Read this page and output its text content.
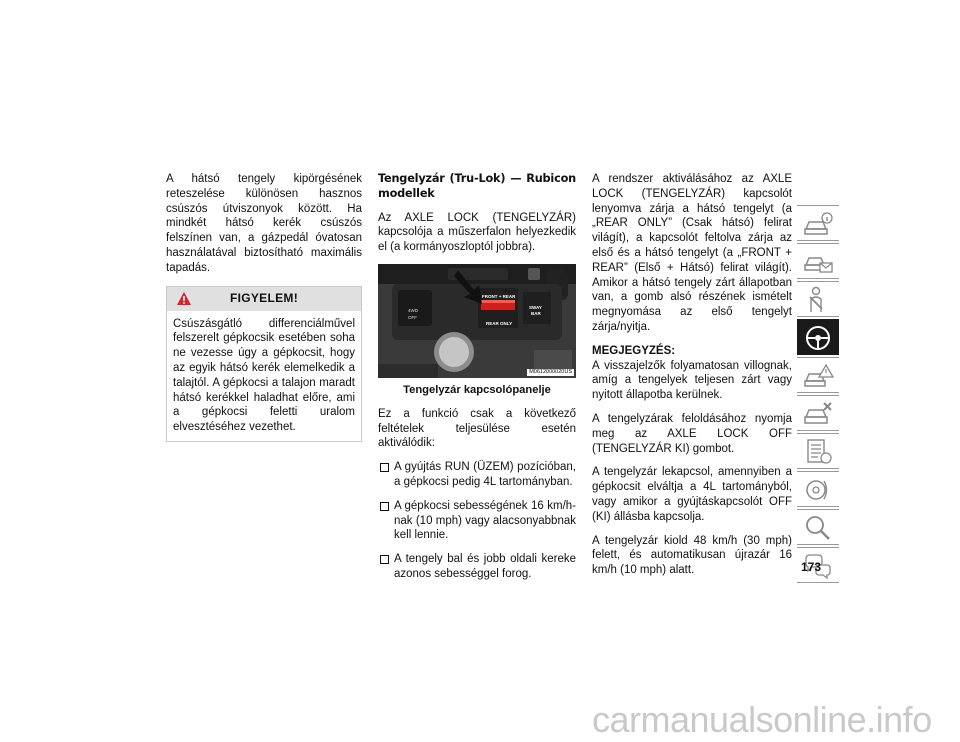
A hátsó tengely kipörgésének reteszelése különösen hasznos csúszós útviszonyok között. Ha mindkét hátsó kerék csúszós felszínen van, a gázpedál óvatosan használatával biztosítható maximális tapadás.

FIGYELEM!
Csúszásgátló differenciálművel felszerelt gépkocsik esetében soha ne vezesse úgy a gépkocsit, hogy az egyik hátsó kerék elemelkedik a talajtól. A gépkocsi a talajon maradt hátsó kerékkel haladhat előre, ami a gépkocsi feletti uralom elvesztéséhez vezethet.

Tengelyzár (Tru-Lok) — Rubicon modellek

Az AXLE LOCK (TENGELYZÁR) kapcsolója a műszerfalon helyezkedik el (a kormányoszloptól jobbra).

FRONT + REAR
REAR ONLY
SWAY
BAR
4WD
OFF
M0612000020US

Tengelyzár kapcsolópanelje

Ez a funkció csak a következő feltételek teljesülése esetén aktiválódik:

A gyújtás RUN (ÜZEM) pozícióban, a gépkocsi pedig 4L tartományban.
A gépkocsi sebességének 16 km/h-nak (10 mph) vagy alacsonyabbnak kell lennie.
A tengely bal és jobb oldali kereke azonos sebességgel forog.

A rendszer aktiválásához az AXLE LOCK (TENGELYZÁR) kapcsolót lenyomva zárja a hátsó tengelyt (a „REAR ONLY” (Csak hátsó) felirat világít), a kapcsolót feltolva zárja az első és a hátsó tengelyt (a „FRONT + REAR” (Első + Hátsó) felirat világít). Amikor a hátsó tengely zárt állapotban van, a gomb alsó részének ismételt megnyomása az első tengelyt zárja/nyitja.

MEGJEGYZÉS:
A visszajelzők folyamatosan villognak, amíg a tengelyek teljesen zárt vagy nyitott állapotba kerülnek.

A tengelyzárak feloldásához nyomja meg az AXLE LOCK OFF (TENGELYZÁR KI) gombot.

A tengelyzár lekapcsol, amennyiben a gépkocsit elváltja a 4L tartományból, vagy amikor a gyújtáskapcsolót OFF (KI) állásba kapcsolja.

A tengelyzár kiold 48 km/h (30 mph) felett, és automatikusan újrazár 16 km/h (10 mph) alatt.	173
carmanualsonline.info
